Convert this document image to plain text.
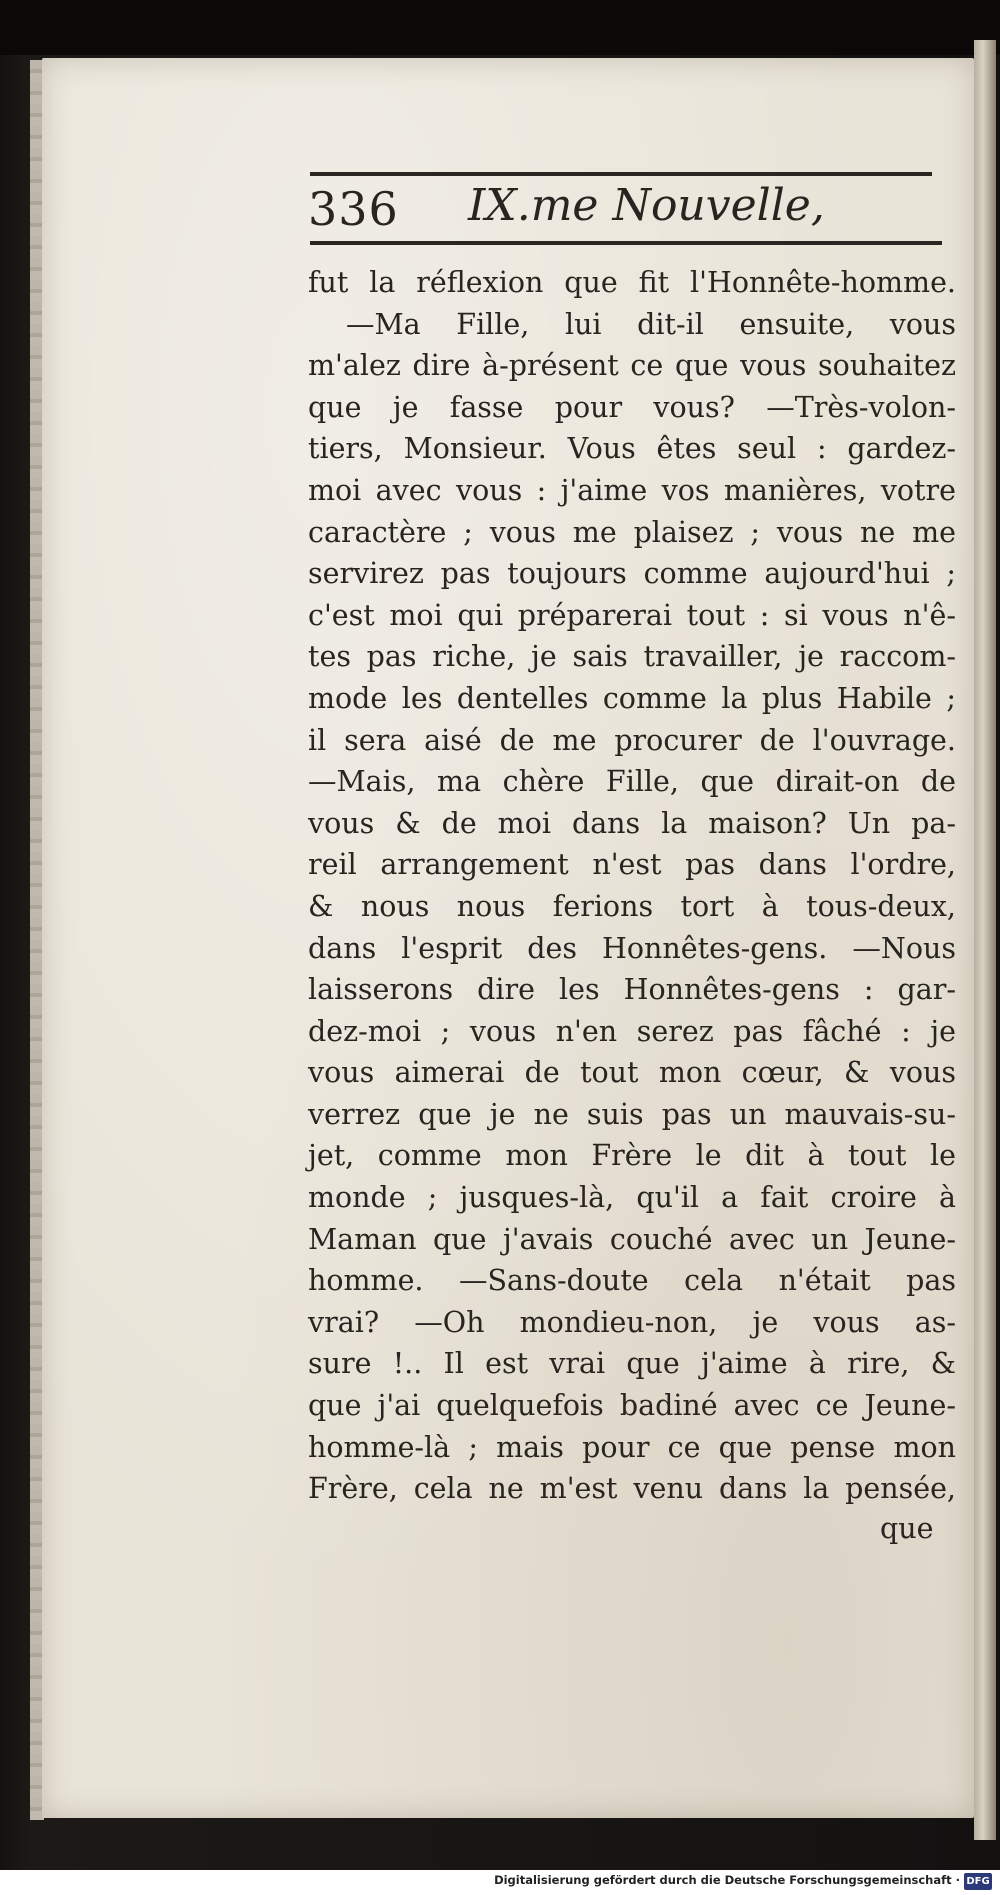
336 IX.me Nouvelle,
fut la réflexion que fit l'Honnête-homme.
—Ma Fille, lui dit-il ensuite, vous
m'alez dire à-présent ce que vous souhaitez
que je fasse pour vous? —Très-volon-
tiers, Monsieur. Vous êtes seul : gardez-
moi avec vous : j'aime vos manières, votre
caractère ; vous me plaisez ; vous ne me
servirez pas toujours comme aujourd'hui ;
c'est moi qui préparerai tout : si vous n'ê-
tes pas riche, je sais travailler, je raccom-
mode les dentelles comme la plus Habile ;
il sera aisé de me procurer de l'ouvrage.
—Mais, ma chère Fille, que dirait-on de
vous & de moi dans la maison? Un pa-
reil arrangement n'est pas dans l'ordre,
& nous nous ferions tort à tous-deux,
dans l'esprit des Honnêtes-gens. —Nous
laisserons dire les Honnêtes-gens : gar-
dez-moi ; vous n'en serez pas fâché : je
vous aimerai de tout mon cœur, & vous
verrez que je ne suis pas un mauvais-su-
jet, comme mon Frère le dit à tout le
monde ; jusques-là, qu'il a fait croire à
Maman que j'avais couché avec un Jeune-
homme. —Sans-doute cela n'était pas
vrai? —Oh mondieu-non, je vous as-
sure !.. Il est vrai que j'aime à rire, &
que j'ai quelquefois badiné avec ce Jeune-
homme-là ; mais pour ce que pense mon
Frère, cela ne m'est venu dans la pensée,
que
Digitalisierung gefördert durch die Deutsche Forschungsgemeinschaft · DFG
